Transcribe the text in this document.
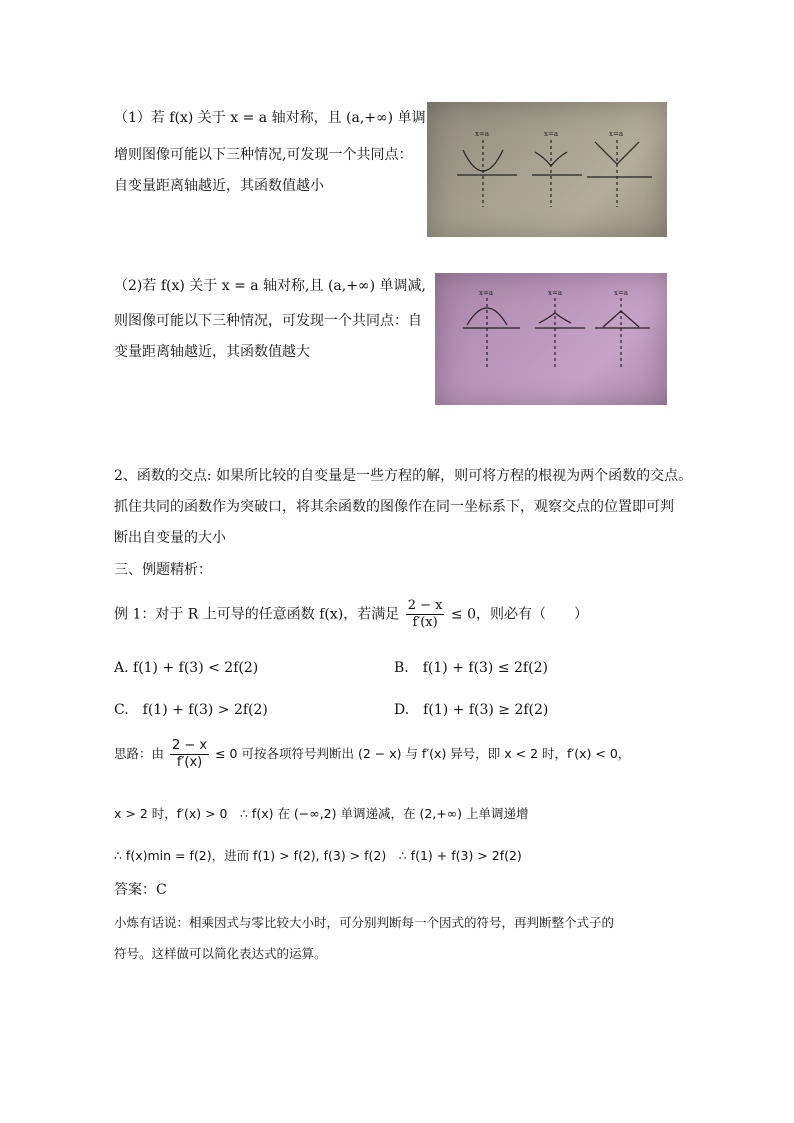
（1）若 f(x) 关于 x = a 轴对称，且 (a,+∞) 单调
增则图像可能以下三种情况,可发现一个共同点：
自变量距离轴越近，其函数值越小
x=a	x=a	x=a
（2)若 f(x) 关于 x = a 轴对称,且 (a,+∞) 单调减,
则图像可能以下三种情况，可发现一个共同点：自
变量距离轴越近，其函数值越大
x=a	x=a	x=a
2、函数的交点: 如果所比较的自变量是一些方程的解，则可将方程的根视为两个函数的交点。
抓住共同的函数作为突破口，将其余函数的图像作在同一坐标系下，观察交点的位置即可判
断出自变量的大小
三、例题精析：
例 1：对于 R 上可导的任意函数 f(x)，若满足 $\frac{2 - x}{f'(x)} \le 0$，则必有（　　）
A. f(1) + f(3) < 2f(2)	B.　f(1) + f(3) ≤ 2f(2)
C.　f(1) + f(3) > 2f(2)	D.　f(1) + f(3) ≥ 2f(2)
思路：由 $\frac{2 - x}{f'(x)} \le 0$ 可按各项符号判断出 (2 − x) 与 f′(x) 异号，即 x < 2 时，f′(x) < 0，
x > 2 时，f′(x) > 0　∴ f(x) 在 (−∞,2) 单调递减，在 (2,+∞) 上单调递增
∴ f(x)min = f(2)，进而 f(1) > f(2), f(3) > f(2)　∴ f(1) + f(3) > 2f(2)
答案：C
小炼有话说：相乘因式与零比较大小时，可分别判断每一个因式的符号，再判断整个式子的
符号。这样做可以简化表达式的运算。
